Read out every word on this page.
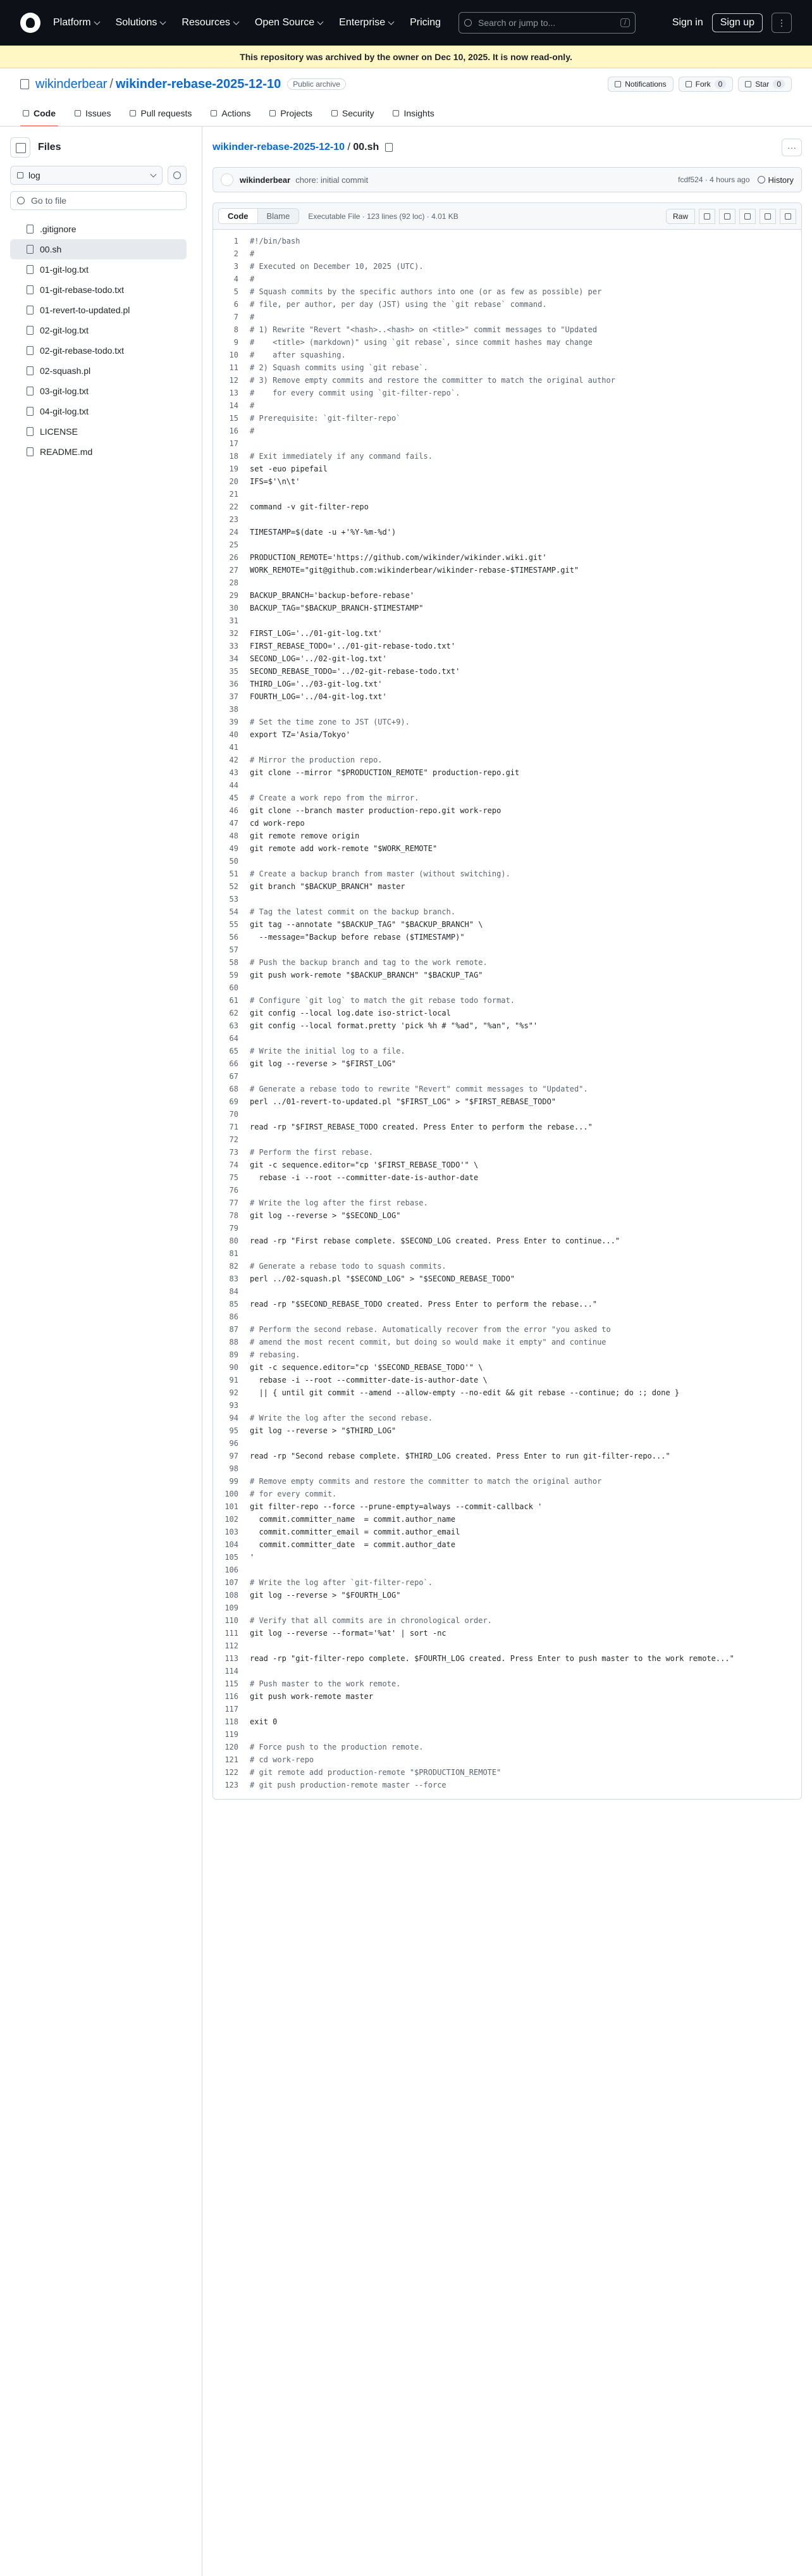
Platform Solutions Resources Open Source Enterprise Pricing	Search or jump to...	/	Sign in	Sign up	⋮
This repository was archived by the owner on Dec 10, 2025. It is now read-only.
wikinderbear / wikinder-rebase-2025-12-10	Public archive	Notifications	Fork	0	Star	0
Code	Issues	Pull requests	Actions	Projects	Security	Insights
Files
log
Go to file
.gitignore
00.sh
01-git-log.txt
01-git-rebase-todo.txt
01-revert-to-updated.pl
02-git-log.txt
02-git-rebase-todo.txt
02-squash.pl
03-git-log.txt
04-git-log.txt
LICENSE
README.md
wikinder-rebase-2025-12-10 / 00.sh	···
wikinderbear chore: initial commit	fcdf524 · 4 hours ago History
Code	Blame	Executable File · 123 lines (92 loc) · 4.01 KB	Raw
1	#!/bin/bash
2	#
3	# Executed on December 10, 2025 (UTC).
4	#
5	# Squash commits by the specific authors into one (or as few as possible) per
6	# file, per author, per day (JST) using the `git rebase` command.
7	#
8	# 1) Rewrite "Revert "<hash>..<hash> on <title>" commit messages to "Updated
9	#    <title> (markdown)" using `git rebase`, since commit hashes may change
10	#    after squashing.
11	# 2) Squash commits using `git rebase`.
12	# 3) Remove empty commits and restore the committer to match the original author
13	#    for every commit using `git-filter-repo`.
14	#
15	# Prerequisite: `git-filter-repo`
16	#
17
18	# Exit immediately if any command fails.
19	set -euo pipefail
20	IFS=$'\n\t'
21
22	command -v git-filter-repo
23
24	TIMESTAMP=$(date -u +'%Y-%m-%d')
25
26	PRODUCTION_REMOTE='https://github.com/wikinder/wikinder.wiki.git'
27	WORK_REMOTE="git@github.com:wikinderbear/wikinder-rebase-$TIMESTAMP.git"
28
29	BACKUP_BRANCH='backup-before-rebase'
30	BACKUP_TAG="$BACKUP_BRANCH-$TIMESTAMP"
31
32	FIRST_LOG='../01-git-log.txt'
33	FIRST_REBASE_TODO='../01-git-rebase-todo.txt'
34	SECOND_LOG='../02-git-log.txt'
35	SECOND_REBASE_TODO='../02-git-rebase-todo.txt'
36	THIRD_LOG='../03-git-log.txt'
37	FOURTH_LOG='../04-git-log.txt'
38
39	# Set the time zone to JST (UTC+9).
40	export TZ='Asia/Tokyo'
41
42	# Mirror the production repo.
43	git clone --mirror "$PRODUCTION_REMOTE" production-repo.git
44
45	# Create a work repo from the mirror.
46	git clone --branch master production-repo.git work-repo
47	cd work-repo
48	git remote remove origin
49	git remote add work-remote "$WORK_REMOTE"
50
51	# Create a backup branch from master (without switching).
52	git branch "$BACKUP_BRANCH" master
53
54	# Tag the latest commit on the backup branch.
55	git tag --annotate "$BACKUP_TAG" "$BACKUP_BRANCH" \
56	--message="Backup before rebase ($TIMESTAMP)"
57
58	# Push the backup branch and tag to the work remote.
59	git push work-remote "$BACKUP_BRANCH" "$BACKUP_TAG"
60
61	# Configure `git log` to match the git rebase todo format.
62	git config --local log.date iso-strict-local
63	git config --local format.pretty 'pick %h # "%ad", "%an", "%s"'
64
65	# Write the initial log to a file.
66	git log --reverse > "$FIRST_LOG"
67
68	# Generate a rebase todo to rewrite "Revert" commit messages to "Updated".
69	perl ../01-revert-to-updated.pl "$FIRST_LOG" > "$FIRST_REBASE_TODO"
70
71	read -rp "$FIRST_REBASE_TODO created. Press Enter to perform the rebase..."
72
73	# Perform the first rebase.
74	git -c sequence.editor="cp '$FIRST_REBASE_TODO'" \
75	rebase -i --root --committer-date-is-author-date
76
77	# Write the log after the first rebase.
78	git log --reverse > "$SECOND_LOG"
79
80	read -rp "First rebase complete. $SECOND_LOG created. Press Enter to continue..."
81
82	# Generate a rebase todo to squash commits.
83	perl ../02-squash.pl "$SECOND_LOG" > "$SECOND_REBASE_TODO"
84
85	read -rp "$SECOND_REBASE_TODO created. Press Enter to perform the rebase..."
86
87	# Perform the second rebase. Automatically recover from the error "you asked to
88	# amend the most recent commit, but doing so would make it empty" and continue
89	# rebasing.
90	git -c sequence.editor="cp '$SECOND_REBASE_TODO'" \
91	rebase -i --root --committer-date-is-author-date \
92	|| { until git commit --amend --allow-empty --no-edit && git rebase --continue; do :; done }
93
94	# Write the log after the second rebase.
95	git log --reverse > "$THIRD_LOG"
96
97	read -rp "Second rebase complete. $THIRD_LOG created. Press Enter to run git-filter-repo..."
98
99	# Remove empty commits and restore the committer to match the original author
100	# for every commit.
101	git filter-repo --force --prune-empty=always --commit-callback '
102	commit.committer_name  = commit.author_name
103	commit.committer_email = commit.author_email
104	commit.committer_date  = commit.author_date
105	'
106
107	# Write the log after `git-filter-repo`.
108	git log --reverse > "$FOURTH_LOG"
109
110	# Verify that all commits are in chronological order.
111	git log --reverse --format='%at' | sort -nc
112
113	read -rp "git-filter-repo complete. $FOURTH_LOG created. Press Enter to push master to the work remote..."
114
115	# Push master to the work remote.
116	git push work-remote master
117
118	exit 0
119
120	# Force push to the production remote.
121	# cd work-repo
122	# git remote add production-remote "$PRODUCTION_REMOTE"
123	# git push production-remote master --force
